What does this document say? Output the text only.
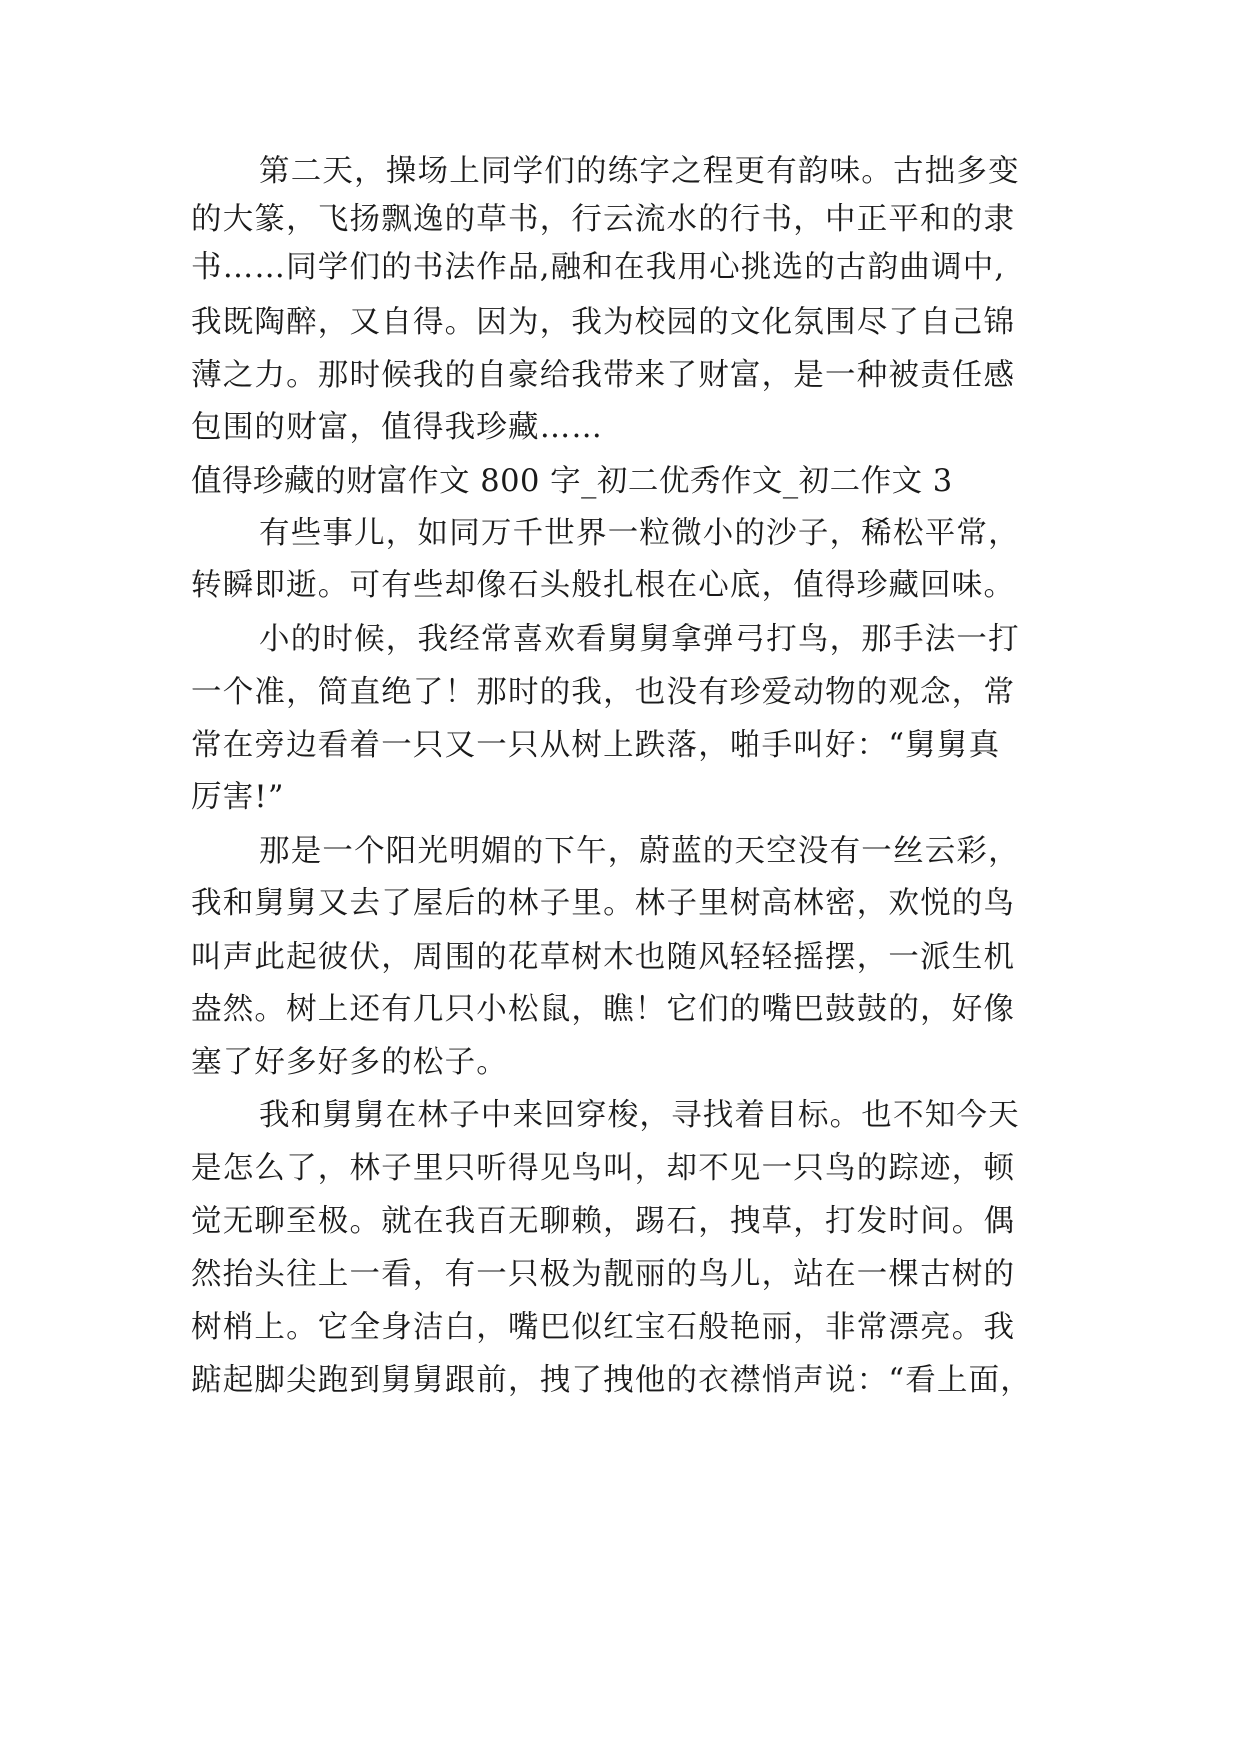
第二天，操场上同学们的练字之程更有韵味。古拙多变
的大篆，飞扬飘逸的草书，行云流水的行书，中正平和的隶
书……同学们的书法作品,融和在我用心挑选的古韵曲调中,
我既陶醉，又自得。因为，我为校园的文化氛围尽了自己锦
薄之力。那时候我的自豪给我带来了财富，是一种被责任感
包围的财富，值得我珍藏……
值得珍藏的财富作文 800 字_初二优秀作文_初二作文 3
有些事儿，如同万千世界一粒微小的沙子，稀松平常，
转瞬即逝。可有些却像石头般扎根在心底，值得珍藏回味。
小的时候，我经常喜欢看舅舅拿弹弓打鸟，那手法一打
一个准，简直绝了！那时的我，也没有珍爱动物的观念，常
常在旁边看着一只又一只从树上跌落，啪手叫好：“舅舅真
厉害!”
那是一个阳光明媚的下午，蔚蓝的天空没有一丝云彩，
我和舅舅又去了屋后的林子里。林子里树高林密，欢悦的鸟
叫声此起彼伏，周围的花草树木也随风轻轻摇摆，一派生机
盎然。树上还有几只小松鼠，瞧！它们的嘴巴鼓鼓的，好像
塞了好多好多的松子。
我和舅舅在林子中来回穿梭，寻找着目标。也不知今天
是怎么了，林子里只听得见鸟叫，却不见一只鸟的踪迹，顿
觉无聊至极。就在我百无聊赖，踢石，拽草，打发时间。偶
然抬头往上一看，有一只极为靓丽的鸟儿，站在一棵古树的
树梢上。它全身洁白，嘴巴似红宝石般艳丽，非常漂亮。我
踮起脚尖跑到舅舅跟前，拽了拽他的衣襟悄声说：“看上面，
